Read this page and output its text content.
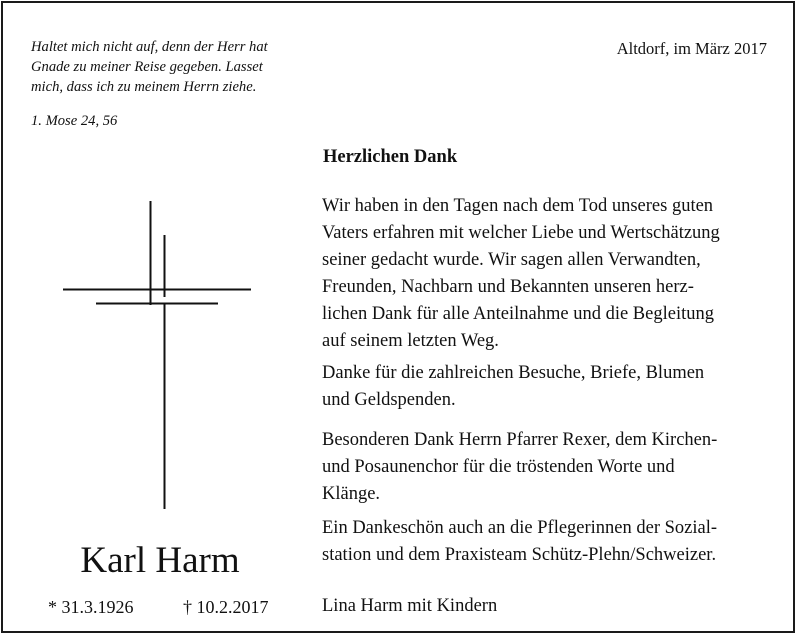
Haltet mich nicht auf, denn der Herr hat
Gnade zu meiner Reise gegeben. Lasset
mich, dass ich zu meinem Herrn ziehe.
1. Mose 24, 56
Altdorf, im März 2017
Karl Harm
* 31.3.1926	† 10.2.2017
Herzlichen Dank
Wir haben in den Tagen nach dem Tod unseres guten
Vaters erfahren mit welcher Liebe und Wertschätzung
seiner gedacht wurde. Wir sagen allen Verwandten,
Freunden, Nachbarn und Bekannten unseren herz-
lichen Dank für alle Anteilnahme und die Begleitung
auf seinem letzten Weg.
Danke für die zahlreichen Besuche, Briefe, Blumen
und Geldspenden.
Besonderen Dank Herrn Pfarrer Rexer, dem Kirchen-
und Posaunenchor für die tröstenden Worte und
Klänge.
Ein Dankeschön auch an die Pflegerinnen der Sozial-
station und dem Praxisteam Schütz-Plehn/Schweizer.
Lina Harm mit Kindern
